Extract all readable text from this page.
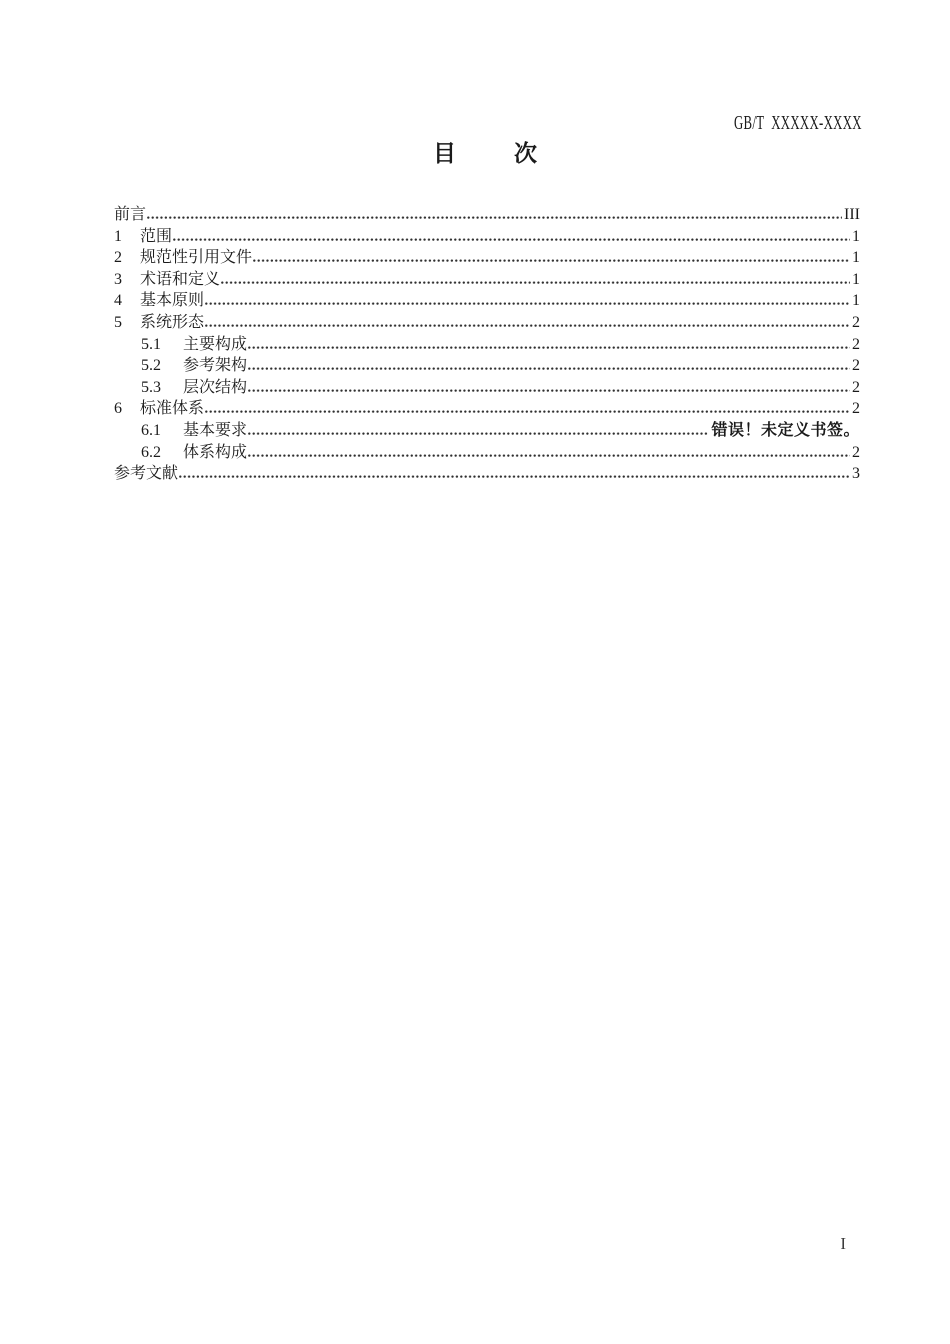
GB/T  XXXXX-XXXX
目　　次
前言	III
1	范围	1
2	规范性引用文件	1
3	术语和定义	1
4	基本原则	1
5	系统形态	2
5.1	主要构成	2
5.2	参考架构	2
5.3	层次结构	2
6	标准体系	2
6.1	基本要求	错误！未定义书签。
6.2	体系构成	2
参考文献	3
I
